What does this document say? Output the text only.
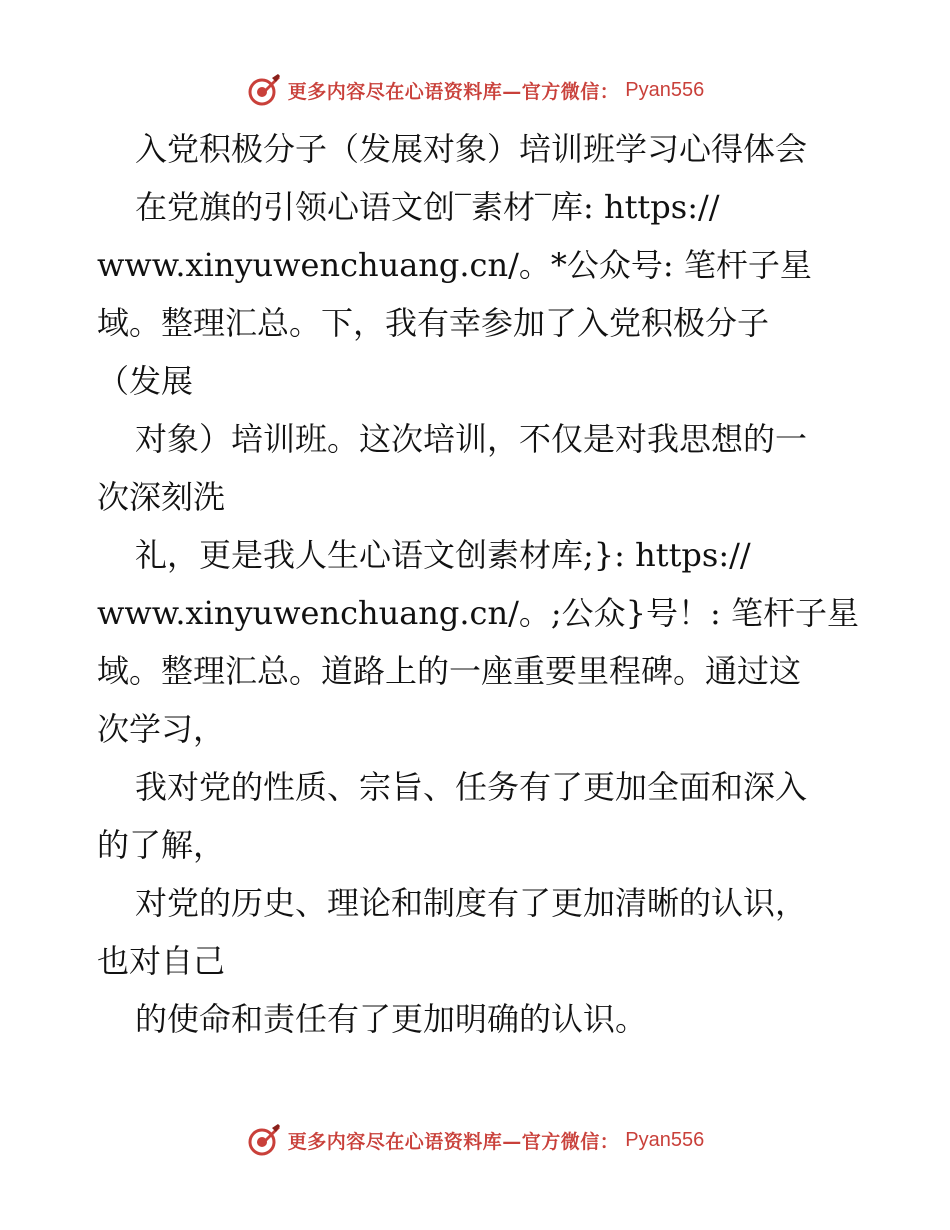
更多内容尽在心语资料库—官方微信： Pyan556
入党积极分子（发展对象）培训班学习心得体会
在党旗的引领心语文创‾素材‾库: https://
www.xinyuwenchuang.cn/。*公众号: 笔杆子星
域。整理汇总。下，我有幸参加了入党积极分子
（发展
对象）培训班。这次培训，不仅是对我思想的一
次深刻洗
礼，更是我人生心语文创素材库;}: https://
www.xinyuwenchuang.cn/。;公众}号！: 笔杆子星
域。整理汇总。道路上的一座重要里程碑。通过这
次学习，
我对党的性质、宗旨、任务有了更加全面和深入
的了解，
对党的历史、理论和制度有了更加清晰的认识，
也对自己
的使命和责任有了更加明确的认识。
更多内容尽在心语资料库—官方微信： Pyan556
